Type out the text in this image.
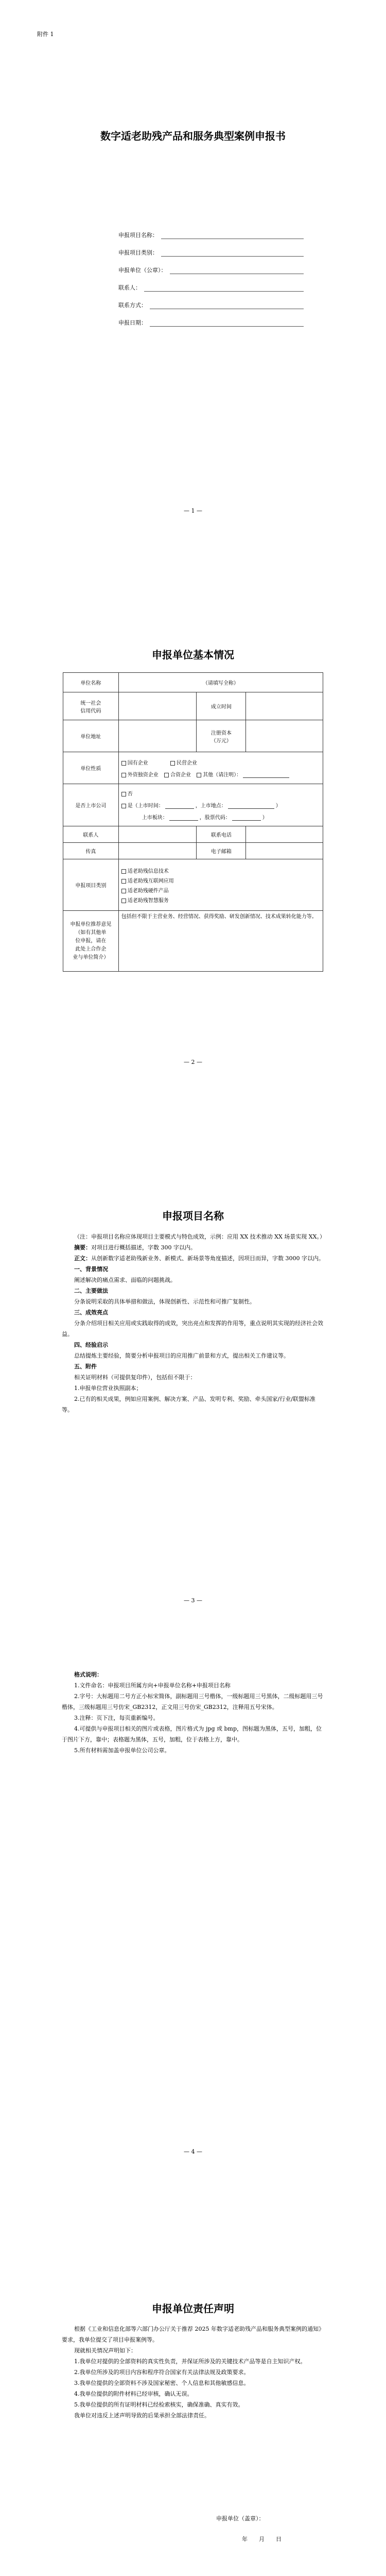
附件 1
数字适老助残产品和服务典型案例申报书
申报项目名称：
申报项目类别：
申报单位（公章）：
联系人：
联系方式：
申报日期：
— 1 —
申报单位基本情况
单位名称	（请填写全称）		

统一社会
信用代码		成立时间	
单位地址		注册资本
（万元）	

单位性质	国有企业 民营企业
外资独资企业 合资企业 其他（请注明）：		

是否上市公司	否
是（上市时间： ，上市地点： ）
上市板块： ，股票代码： ）		

联系人		联系电话	
传真		电子邮箱	
申报项目类别	适老助残信息技术
适老助残互联网应用
适老助残硬件产品
适老助残智慧服务		

申报单位推荐意见
（如有其他单
位申报，请在
此处上合作企
业与单位简介）	包括但不限于主营业务、经营情况、获得奖励、研发创新情况、技术成果转化能力等。		
— 2 —
申报项目名称

（注：申报项目名称应体现项目主要模式与特色成效，示例：应用 XX 技术推动 XX 场景实现 XX。）

摘要：对项目进行概括描述，字数 300 字以内。

正文：从创新数字适老助残新业务、新模式、新场景等角度描述，因项目而异，字数 3000 字以内。

一、背景情况

阐述解决的痛点需求、面临的问题挑战。

二、主要做法

分条说明采取的具体举措和做法，体现创新性、示范性和可推广复制性。

三、成效亮点

分条介绍项目相关应用或实践取得的成效，突出亮点和发挥的作用等，重点说明其实现的经济社会效益。

四、经验启示

总结提炼主要经验，简要分析申报项目的应用推广前景和方式，提出相关工作建议等。

五、附件

相关证明材料（可提供复印件），包括但不限于：

1.申报单位营业执照副本；

2.已有的相关成果，例如应用案例、解决方案、产品、发明专利、奖励、牵头国家/行业/联盟标准等。

格式说明：

1.文件命名：申报项目所属方向+申报单位名称+申报项目名称

2.字号：大标题用二号方正小标宋简体，副标题用三号楷体，一级标题用三号黑体，二级标题用三号楷体，三级标题用三号仿宋_GB2312，正文用三号仿宋_GB2312，注释用五号宋体。

3.注释：页下注，每页重新编号。

4.可提供与申报项目相关的图片或表格，图片格式为 jpg 或 bmp，图标题为黑体，五号，加粗，位于图片下方，靠中；表格题为黑体，五号，加粗，位于表格上方，靠中。

5.所有材料需加盖申报单位公司公章。

— 3 —
— 4 —
申报单位责任声明

根据《工业和信息化部等六部门办公厅关于推荐 2025 年数字适老助残产品和服务典型案例的通知》要求，我单位提交了项目申报案例等。

现就相关情况声明如下：

1.我单位对提供的全部资料的真实性负责，并保证所涉及的关键技术产品等是自主知识产权。

2.我单位所涉及的项目内容和程序符合国家有关法律法规及政策要求。

3.我单位提供的全部资料不涉及国家秘密、个人信息和其他敏感信息。

4.我单位提供的附件材料已经审核，确认无误。

5.我单位提供的所有证明材料已经检索核实，确保准确、真实有效。

我单位对违反上述声明导致的后果承担全部法律责任。

申报单位（盖章）：
年　　月　　日
